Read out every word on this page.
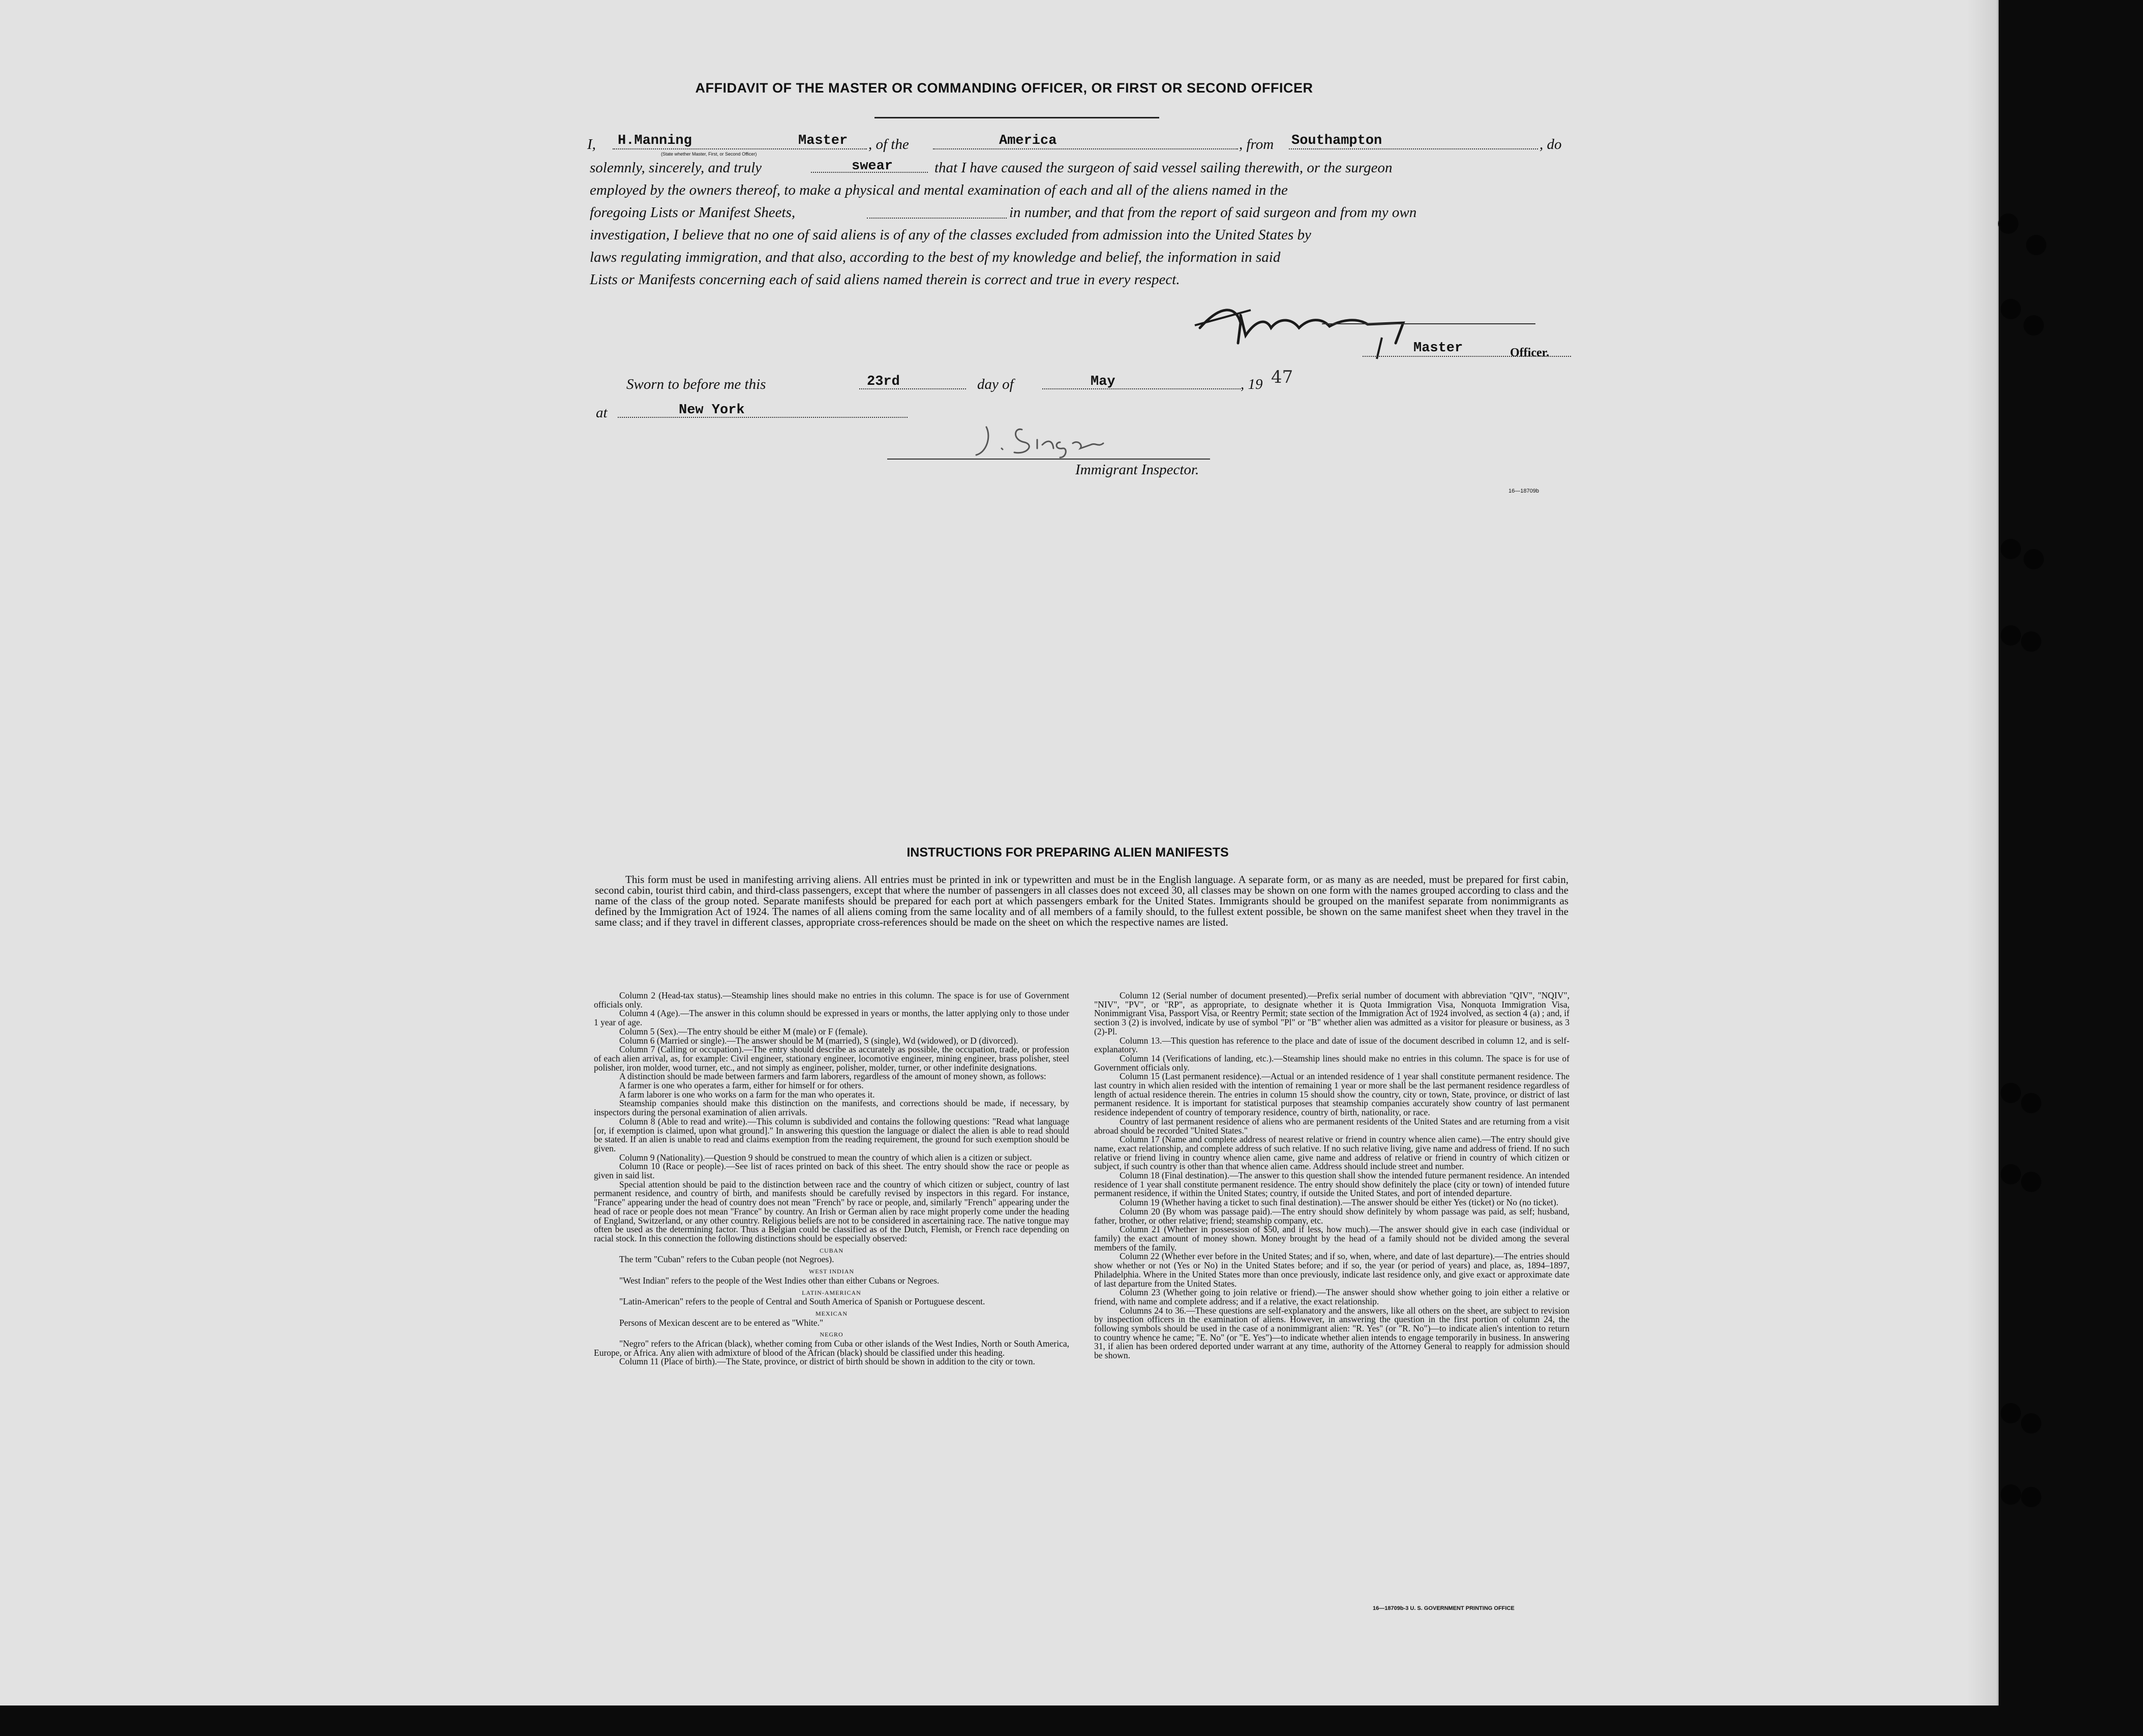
AFFIDAVIT OF THE MASTER OR COMMANDING OFFICER, OR FIRST OR SECOND OFFICER
I,	H.Manning	Master
(State whether Master, First, or Second Officer)
, of the	America	, from Southampton	, do
solemnly, sincerely, and truly	swear	that I have caused the surgeon of said vessel sailing therewith, or the surgeon
employed by the owners thereof, to make a physical and mental examination of each and all of the aliens named in the
foregoing Lists or Manifest Sheets,	in number, and that from the report of said surgeon and from my own
investigation, I believe that no one of said aliens is of any of the classes excluded from admission into the United States by
laws regulating immigration, and that also, according to the best of my knowledge and belief, the information in said
Lists or Manifests concerning each of said aliens named therein is correct and true in every respect.
Master	Officer.
Sworn to before me this	23rd	day of	May	, 19 47
at	New York
Immigrant Inspector.
16—18709b
INSTRUCTIONS FOR PREPARING ALIEN MANIFESTS
This form must be used in manifesting arriving aliens. All entries must be printed in ink or typewritten and must be in the English language. A separate form, or as many as are needed, must be prepared for first cabin, second cabin, tourist third cabin, and third-class passengers, except that where the number of passengers in all classes does not exceed 30, all classes may be shown on one form with the names grouped according to class and the name of the class of the group noted. Separate manifests should be prepared for each port at which passengers embark for the United States. Immigrants should be grouped on the manifest separate from nonimmigrants as defined by the Immigration Act of 1924. The names of all aliens coming from the same locality and of all members of a family should, to the fullest extent possible, be shown on the same manifest sheet when they travel in the same class; and if they travel in different classes, appropriate cross-references should be made on the sheet on which the respective names are listed.

Column 2 (Head-tax status).—Steamship lines should make no entries in this column. The space is for use of Government officials only.

Column 4 (Age).—The answer in this column should be expressed in years or months, the latter applying only to those under 1 year of age.

Column 5 (Sex).—The entry should be either M (male) or F (female).

Column 6 (Married or single).—The answer should be M (married), S (single), Wd (widowed), or D (divorced).

Column 7 (Calling or occupation).—The entry should describe as accurately as possible, the occupation, trade, or profession of each alien arrival, as, for example: Civil engineer, stationary engineer, locomotive engineer, mining engineer, brass polisher, steel polisher, iron molder, wood turner, etc., and not simply as engineer, polisher, molder, turner, or other indefinite designations.

A distinction should be made between farmers and farm laborers, regardless of the amount of money shown, as follows:

A farmer is one who operates a farm, either for himself or for others.

A farm laborer is one who works on a farm for the man who operates it.

Steamship companies should make this distinction on the manifests, and corrections should be made, if necessary, by inspectors during the personal examination of alien arrivals.

Column 8 (Able to read and write).—This column is subdivided and contains the following questions: "Read what language [or, if exemption is claimed, upon what ground]." In answering this question the language or dialect the alien is able to read should be stated. If an alien is unable to read and claims exemption from the reading requirement, the ground for such exemption should be given.

Column 9 (Nationality).—Question 9 should be construed to mean the country of which alien is a citizen or subject.

Column 10 (Race or people).—See list of races printed on back of this sheet. The entry should show the race or people as given in said list.

Special attention should be paid to the distinction between race and the country of which citizen or subject, country of last permanent residence, and country of birth, and manifests should be carefully revised by inspectors in this regard. For instance, "France" appearing under the head of country does not mean "French" by race or people, and, similarly "French" appearing under the head of race or people does not mean "France" by country. An Irish or German alien by race might properly come under the heading of England, Switzerland, or any other country. Religious beliefs are not to be considered in ascertaining race. The native tongue may often be used as the determining factor. Thus a Belgian could be classified as of the Dutch, Flemish, or French race depending on racial stock. In this connection the following distinctions should be especially observed:

CUBAN

The term "Cuban" refers to the Cuban people (not Negroes).

WEST INDIAN

"West Indian" refers to the people of the West Indies other than either Cubans or Negroes.

LATIN-AMERICAN

"Latin-American" refers to the people of Central and South America of Spanish or Portuguese descent.

MEXICAN

Persons of Mexican descent are to be entered as "White."

NEGRO

"Negro" refers to the African (black), whether coming from Cuba or other islands of the West Indies, North or South America, Europe, or Africa. Any alien with admixture of blood of the African (black) should be classified under this heading.

Column 11 (Place of birth).—The State, province, or district of birth should be shown in addition to the city or town.

Column 12 (Serial number of document presented).—Prefix serial number of document with abbreviation "QIV", "NQIV", "NIV", "PV", or "RP", as appropriate, to designate whether it is Quota Immigration Visa, Nonquota Immigration Visa, Nonimmigrant Visa, Passport Visa, or Reentry Permit; state section of the Immigration Act of 1924 involved, as section 4 (a) ; and, if section 3 (2) is involved, indicate by use of symbol "Pl" or "B" whether alien was admitted as a visitor for pleasure or business, as 3 (2)-Pl.

Column 13.—This question has reference to the place and date of issue of the document described in column 12, and is self-explanatory.

Column 14 (Verifications of landing, etc.).—Steamship lines should make no entries in this column. The space is for use of Government officials only.

Column 15 (Last permanent residence).—Actual or an intended residence of 1 year shall constitute permanent residence. The last country in which alien resided with the intention of remaining 1 year or more shall be the last permanent residence regardless of length of actual residence therein. The entries in column 15 should show the country, city or town, State, province, or district of last permanent residence. It is important for statistical purposes that steamship companies accurately show country of last permanent residence independent of country of temporary residence, country of birth, nationality, or race.

Country of last permanent residence of aliens who are permanent residents of the United States and are returning from a visit abroad should be recorded "United States."

Column 17 (Name and complete address of nearest relative or friend in country whence alien came).—The entry should give name, exact relationship, and complete address of such relative. If no such relative living, give name and address of friend. If no such relative or friend living in country whence alien came, give name and address of relative or friend in country of which citizen or subject, if such country is other than that whence alien came. Address should include street and number.

Column 18 (Final destination).—The answer to this question shall show the intended future permanent residence. An intended residence of 1 year shall constitute permanent residence. The entry should show definitely the place (city or town) of intended future permanent residence, if within the United States; country, if outside the United States, and port of intended departure.

Column 19 (Whether having a ticket to such final destination).—The answer should be either Yes (ticket) or No (no ticket).

Column 20 (By whom was passage paid).—The entry should show definitely by whom passage was paid, as self; husband, father, brother, or other relative; friend; steamship company, etc.

Column 21 (Whether in possession of $50, and if less, how much).—The answer should give in each case (individual or family) the exact amount of money shown. Money brought by the head of a family should not be divided among the several members of the family.

Column 22 (Whether ever before in the United States; and if so, when, where, and date of last departure).—The entries should show whether or not (Yes or No) in the United States before; and if so, the year (or period of years) and place, as, 1894–1897, Philadelphia. Where in the United States more than once previously, indicate last residence only, and give exact or approximate date of last departure from the United States.

Column 23 (Whether going to join relative or friend).—The answer should show whether going to join either a relative or friend, with name and complete address; and if a relative, the exact relationship.

Columns 24 to 36.—These questions are self-explanatory and the answers, like all others on the sheet, are subject to revision by inspection officers in the examination of aliens. However, in answering the question in the first portion of column 24, the following symbols should be used in the case of a nonimmigrant alien: "R. Yes" (or "R. No")—to indicate alien's intention to return to country whence he came; "E. No" (or "E. Yes")—to indicate whether alien intends to engage temporarily in business. In answering 31, if alien has been ordered deported under warrant at any time, authority of the Attorney General to reapply for admission should be shown.

16—18709b-3 U. S. GOVERNMENT PRINTING OFFICE
